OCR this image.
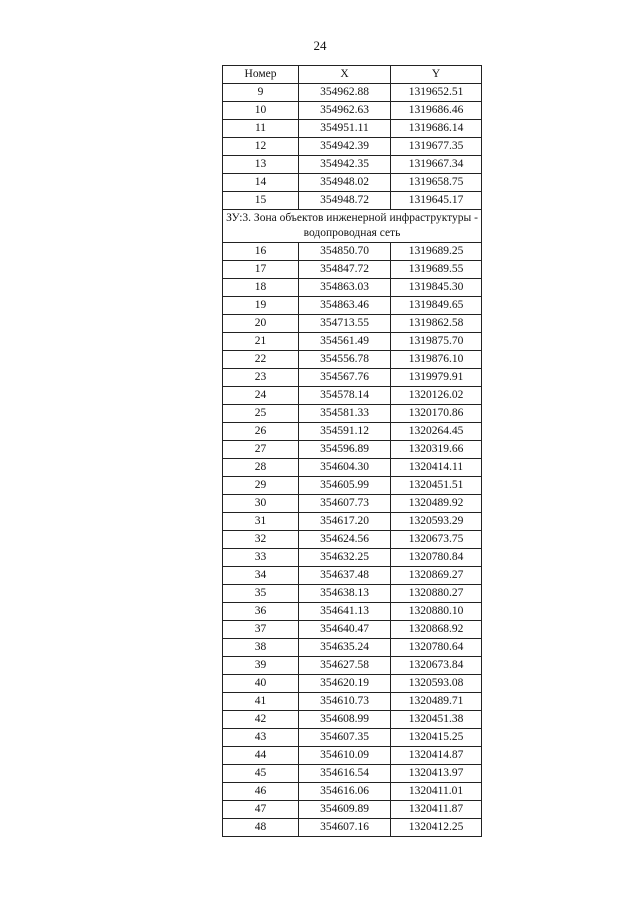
24
Номер	X	Y
9	354962.88	1319652.51
10	354962.63	1319686.46
11	354951.11	1319686.14
12	354942.39	1319677.35
13	354942.35	1319667.34
14	354948.02	1319658.75
15	354948.72	1319645.17
ЗУ:3. Зона объектов инженерной инфраструктуры - водопроводная сеть		
16	354850.70	1319689.25
17	354847.72	1319689.55
18	354863.03	1319845.30
19	354863.46	1319849.65
20	354713.55	1319862.58
21	354561.49	1319875.70
22	354556.78	1319876.10
23	354567.76	1319979.91
24	354578.14	1320126.02
25	354581.33	1320170.86
26	354591.12	1320264.45
27	354596.89	1320319.66
28	354604.30	1320414.11
29	354605.99	1320451.51
30	354607.73	1320489.92
31	354617.20	1320593.29
32	354624.56	1320673.75
33	354632.25	1320780.84
34	354637.48	1320869.27
35	354638.13	1320880.27
36	354641.13	1320880.10
37	354640.47	1320868.92
38	354635.24	1320780.64
39	354627.58	1320673.84
40	354620.19	1320593.08
41	354610.73	1320489.71
42	354608.99	1320451.38
43	354607.35	1320415.25
44	354610.09	1320414.87
45	354616.54	1320413.97
46	354616.06	1320411.01
47	354609.89	1320411.87
48	354607.16	1320412.25
